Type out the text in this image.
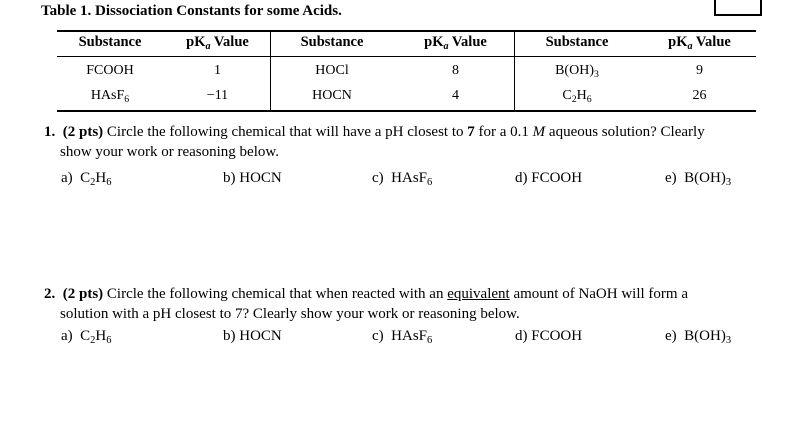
Table 1. Dissociation Constants for some Acids.
Substance	$pK_a$ Value	Substance	$pK_a$ Value	Substance	$pK_a$ Value
FCOOH	1	HOCl	8	$B(OH)_3$	9
HAsF$_6$	−11	HOCN	4	$C_2H_6$	26
1. (2 pts) Circle the following chemical that will have a pH closest to 7 for a 0.1 M aqueous solution? Clearly
show your work or reasoning below.
a)  $C_2H_6$	b) HOCN	c)  HAsF$_6$	d) FCOOH	e)  $B(OH)_3$
2. (2 pts) Circle the following chemical that when reacted with an equivalent amount of NaOH will form a
solution with a pH closest to 7? Clearly show your work or reasoning below.
a)  $C_2H_6$	b) HOCN	c)  HAsF$_6$	d) FCOOH	e)  $B(OH)_3$
